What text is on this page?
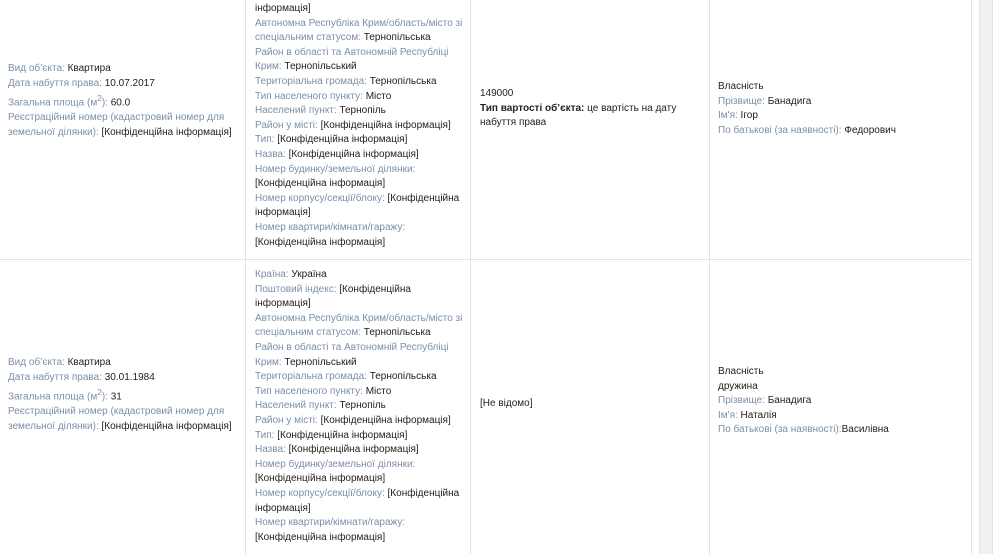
Вид об’єкта: Квартира
Дата набуття права: 10.07.2017
Загальна площа $(м^2)$: 60.0
Реєстраційний номер (кадастровий номер для земельної ділянки): [Конфіденційна інформація]
інформація]
Автономна Республіка Крим/область/місто зі спеціальним статусом: Тернопільська
Район в області та Автономній Республіці Крим: Тернопільський
Територіальна громада: Тернопільська
Тип населеного пункту: Місто
Населений пункт: Тернопіль
Район у місті: [Конфіденційна інформація]
Тип: [Конфіденційна інформація]
Назва: [Конфіденційна інформація]
Номер будинку/земельної ділянки: [Конфіденційна інформація]
Номер корпусу/секції/блоку: [Конфіденційна інформація]
Номер квартири/кімнати/гаражу: [Конфіденційна інформація]
149000
Тип вартості об’єкта: це вартість на дату набуття права
Власність
Прізвище: Банадига
Ім'я: Ігор
По батькові (за наявності): Федорович
Вид об’єкта: Квартира
Дата набуття права: 30.01.1984
Загальна площа $(м^2)$: 31
Реєстраційний номер (кадастровий номер для земельної ділянки): [Конфіденційна інформація]
Країна: Україна
Поштовий індекс: [Конфіденційна інформація]
Автономна Республіка Крим/область/місто зі спеціальним статусом: Тернопільська
Район в області та Автономній Республіці Крим: Тернопільський
Територіальна громада: Тернопільська
Тип населеного пункту: Місто
Населений пункт: Тернопіль
Район у місті: [Конфіденційна інформація]
Тип: [Конфіденційна інформація]
Назва: [Конфіденційна інформація]
Номер будинку/земельної ділянки: [Конфіденційна інформація]
Номер корпусу/секції/блоку: [Конфіденційна інформація]
Номер квартири/кімнати/гаражу: [Конфіденційна інформація]
[Не відомо]
Власність
дружина
Прізвище: Банадига
Ім'я: Наталія
По батькові (за наявності):Василівна
